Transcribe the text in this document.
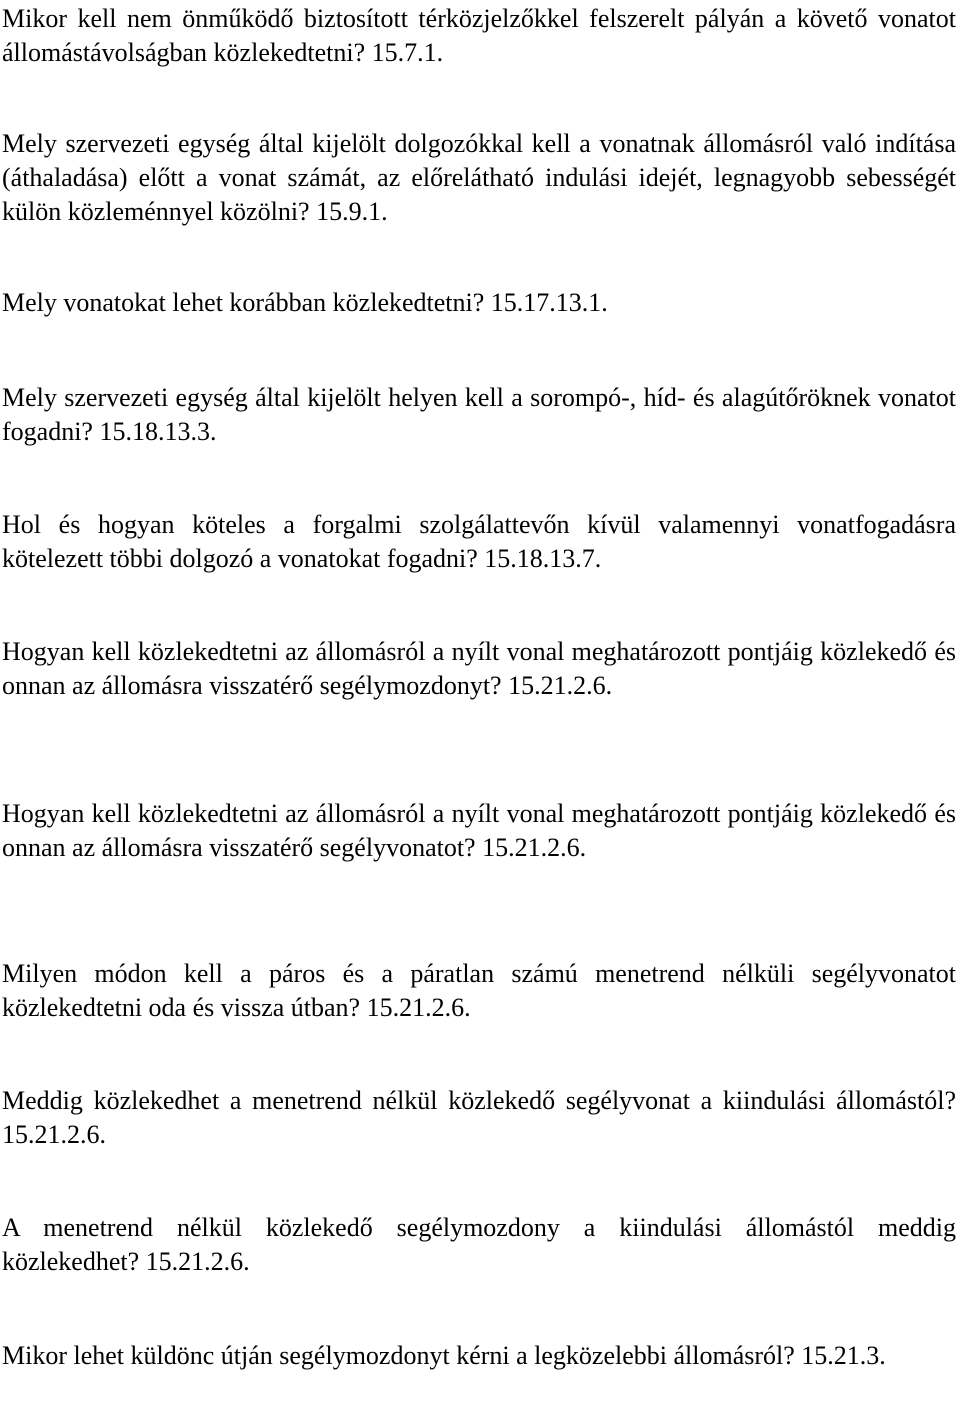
Mikor kell nem önműködő biztosított térközjelzőkkel felszerelt pályán a követő vonatot állomástávolságban közlekedtetni? 15.7.1.

Mely szervezeti egység által kijelölt dolgozókkal kell a vonatnak állomásról való indítása (áthaladása) előtt a vonat számát, az előrelátható indulási idejét, legnagyobb sebességét külön közleménnyel közölni? 15.9.1.

Mely vonatokat lehet korábban közlekedtetni? 15.17.13.1.

Mely szervezeti egység által kijelölt helyen kell a sorompó-, híd- és alagútőröknek vonatot fogadni? 15.18.13.3.

Hol és hogyan köteles a forgalmi szolgálattevőn kívül valamennyi vonatfogadásra kötelezett többi dolgozó a vonatokat fogadni? 15.18.13.7.

Hogyan kell közlekedtetni az állomásról a nyílt vonal meghatározott pontjáig közlekedő és onnan az állomásra visszatérő segélymozdonyt? 15.21.2.6.

Hogyan kell közlekedtetni az állomásról a nyílt vonal meghatározott pontjáig közlekedő és onnan az állomásra visszatérő segélyvonatot? 15.21.2.6.

Milyen módon kell a páros és a páratlan számú menetrend nélküli segélyvonatot közlekedtetni oda és vissza útban? 15.21.2.6.

Meddig közlekedhet a menetrend nélkül közlekedő segélyvonat a kiindulási állomástól? 15.21.2.6.

A menetrend nélkül közlekedő segélymozdony a kiindulási állomástól meddig közlekedhet? 15.21.2.6.

Mikor lehet küldönc útján segélymozdonyt kérni a legközelebbi állomásról? 15.21.3.
